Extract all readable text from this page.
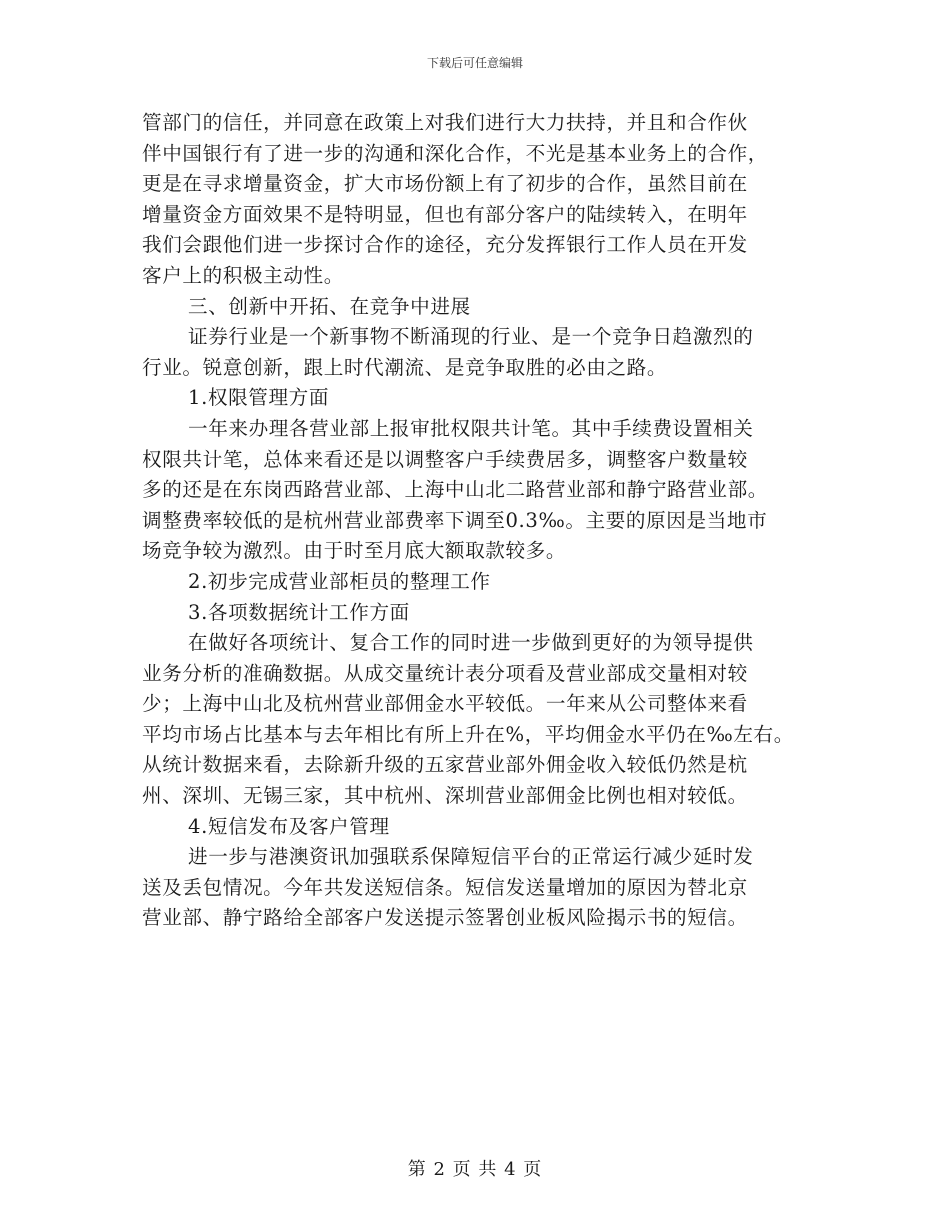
下载后可任意编辑
管部门的信任，并同意在政策上对我们进行大力扶持，并且和合作伙
伴中国银行有了进一步的沟通和深化合作，不光是基本业务上的合作，
更是在寻求增量资金，扩大市场份额上有了初步的合作，虽然目前在
增量资金方面效果不是特明显，但也有部分客户的陆续转入，在明年
我们会跟他们进一步探讨合作的途径，充分发挥银行工作人员在开发
客户上的积极主动性。
三、创新中开拓、在竞争中进展
证券行业是一个新事物不断涌现的行业、是一个竞争日趋激烈的
行业。锐意创新，跟上时代潮流、是竞争取胜的必由之路。
1.权限管理方面
一年来办理各营业部上报审批权限共计笔。其中手续费设置相关
权限共计笔，总体来看还是以调整客户手续费居多，调整客户数量较
多的还是在东岗西路营业部、上海中山北二路营业部和静宁路营业部。
调整费率较低的是杭州营业部费率下调至0.3‰。主要的原因是当地市
场竞争较为激烈。由于时至月底大额取款较多。
2.初步完成营业部柜员的整理工作
3.各项数据统计工作方面
在做好各项统计、复合工作的同时进一步做到更好的为领导提供
业务分析的准确数据。从成交量统计表分项看及营业部成交量相对较
少；上海中山北及杭州营业部佣金水平较低。一年来从公司整体来看
平均市场占比基本与去年相比有所上升在%，平均佣金水平仍在‰左右。
从统计数据来看，去除新升级的五家营业部外佣金收入较低仍然是杭
州、深圳、无锡三家，其中杭州、深圳营业部佣金比例也相对较低。
4.短信发布及客户管理
进一步与港澳资讯加强联系保障短信平台的正常运行减少延时发
送及丢包情况。今年共发送短信条。短信发送量增加的原因为替北京
营业部、静宁路给全部客户发送提示签署创业板风险揭示书的短信。
第 2 页 共 4 页
